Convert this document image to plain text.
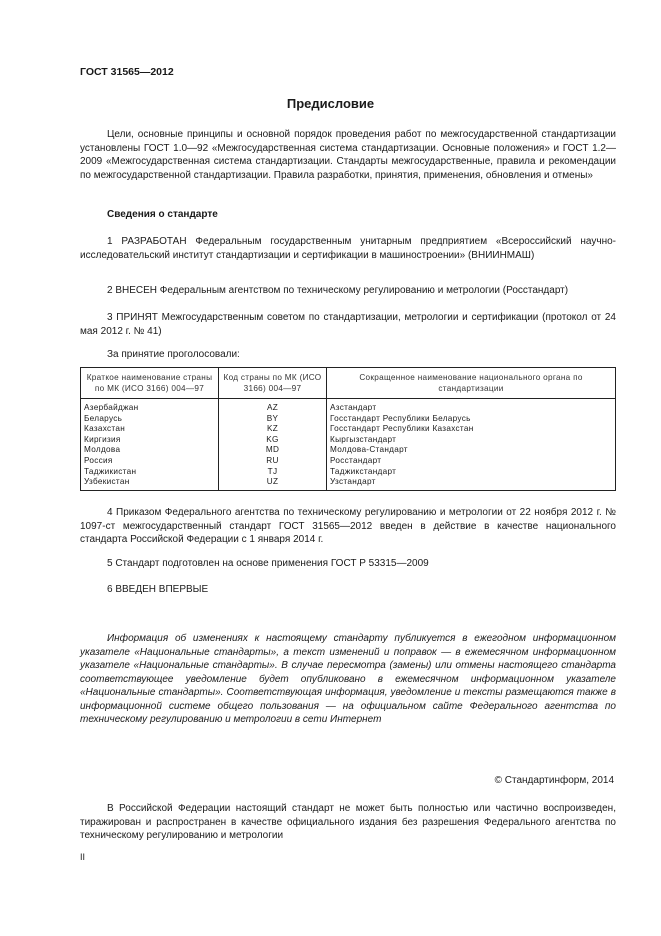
ГОСТ 31565—2012
Предисловие
Цели, основные принципы и основной порядок проведения работ по межгосударственной стандартизации установлены ГОСТ 1.0—92 «Межгосударственная система стандартизации. Основные положения» и ГОСТ 1.2—2009 «Межгосударственная система стандартизации. Стандарты межгосударственные, правила и рекомендации по межгосударственной стандартизации. Правила разработки, принятия, применения, обновления и отмены»
Сведения о стандарте
1 РАЗРАБОТАН Федеральным государственным унитарным предприятием «Всероссийский научно-исследовательский институт стандартизации и сертификации в машиностроении» (ВНИИНМАШ)
2 ВНЕСЕН Федеральным агентством по техническому регулированию и метрологии (Росстандарт)
3 ПРИНЯТ Межгосударственным советом по стандартизации, метрологии и сертификации (протокол от 24 мая 2012 г. № 41)
За принятие проголосовали:
Краткое наименование страны по МК (ИСО 3166) 004—97	Код страны по МК (ИСО 3166) 004—97	Сокращенное наименование национального органа по стандартизации
Азербайджан	AZ	Азстандарт
Беларусь	BY	Госстандарт Республики Беларусь
Казахстан	KZ	Госстандарт Республики Казахстан
Киргизия	KG	Кыргызстандарт
Молдова	MD	Молдова-Стандарт
Россия	RU	Росстандарт
Таджикистан	TJ	Таджикстандарт
Узбекистан	UZ	Узстандарт
4 Приказом Федерального агентства по техническому регулированию и метрологии от 22 ноября 2012 г. № 1097-ст межгосударственный стандарт ГОСТ 31565—2012 введен в действие в качестве национального стандарта Российской Федерации с 1 января 2014 г.
5 Стандарт подготовлен на основе применения ГОСТ Р 53315—2009
6 ВВЕДЕН ВПЕРВЫЕ
Информация об изменениях к настоящему стандарту публикуется в ежегодном информационном указателе «Национальные стандарты», а текст изменений и поправок — в ежемесячном информационном указателе «Национальные стандарты». В случае пересмотра (замены) или отмены настоящего стандарта соответствующее уведомление будет опубликовано в ежемесячном информационном указателе «Национальные стандарты». Соответствующая информация, уведомление и тексты размещаются также в информационной системе общего пользования — на официальном сайте Федерального агентства по техническому регулированию и метрологии в сети Интернет
© Стандартинформ, 2014
В Российской Федерации настоящий стандарт не может быть полностью или частично воспроизведен, тиражирован и распространен в качестве официального издания без разрешения Федерального агентства по техническому регулированию и метрологии
II
